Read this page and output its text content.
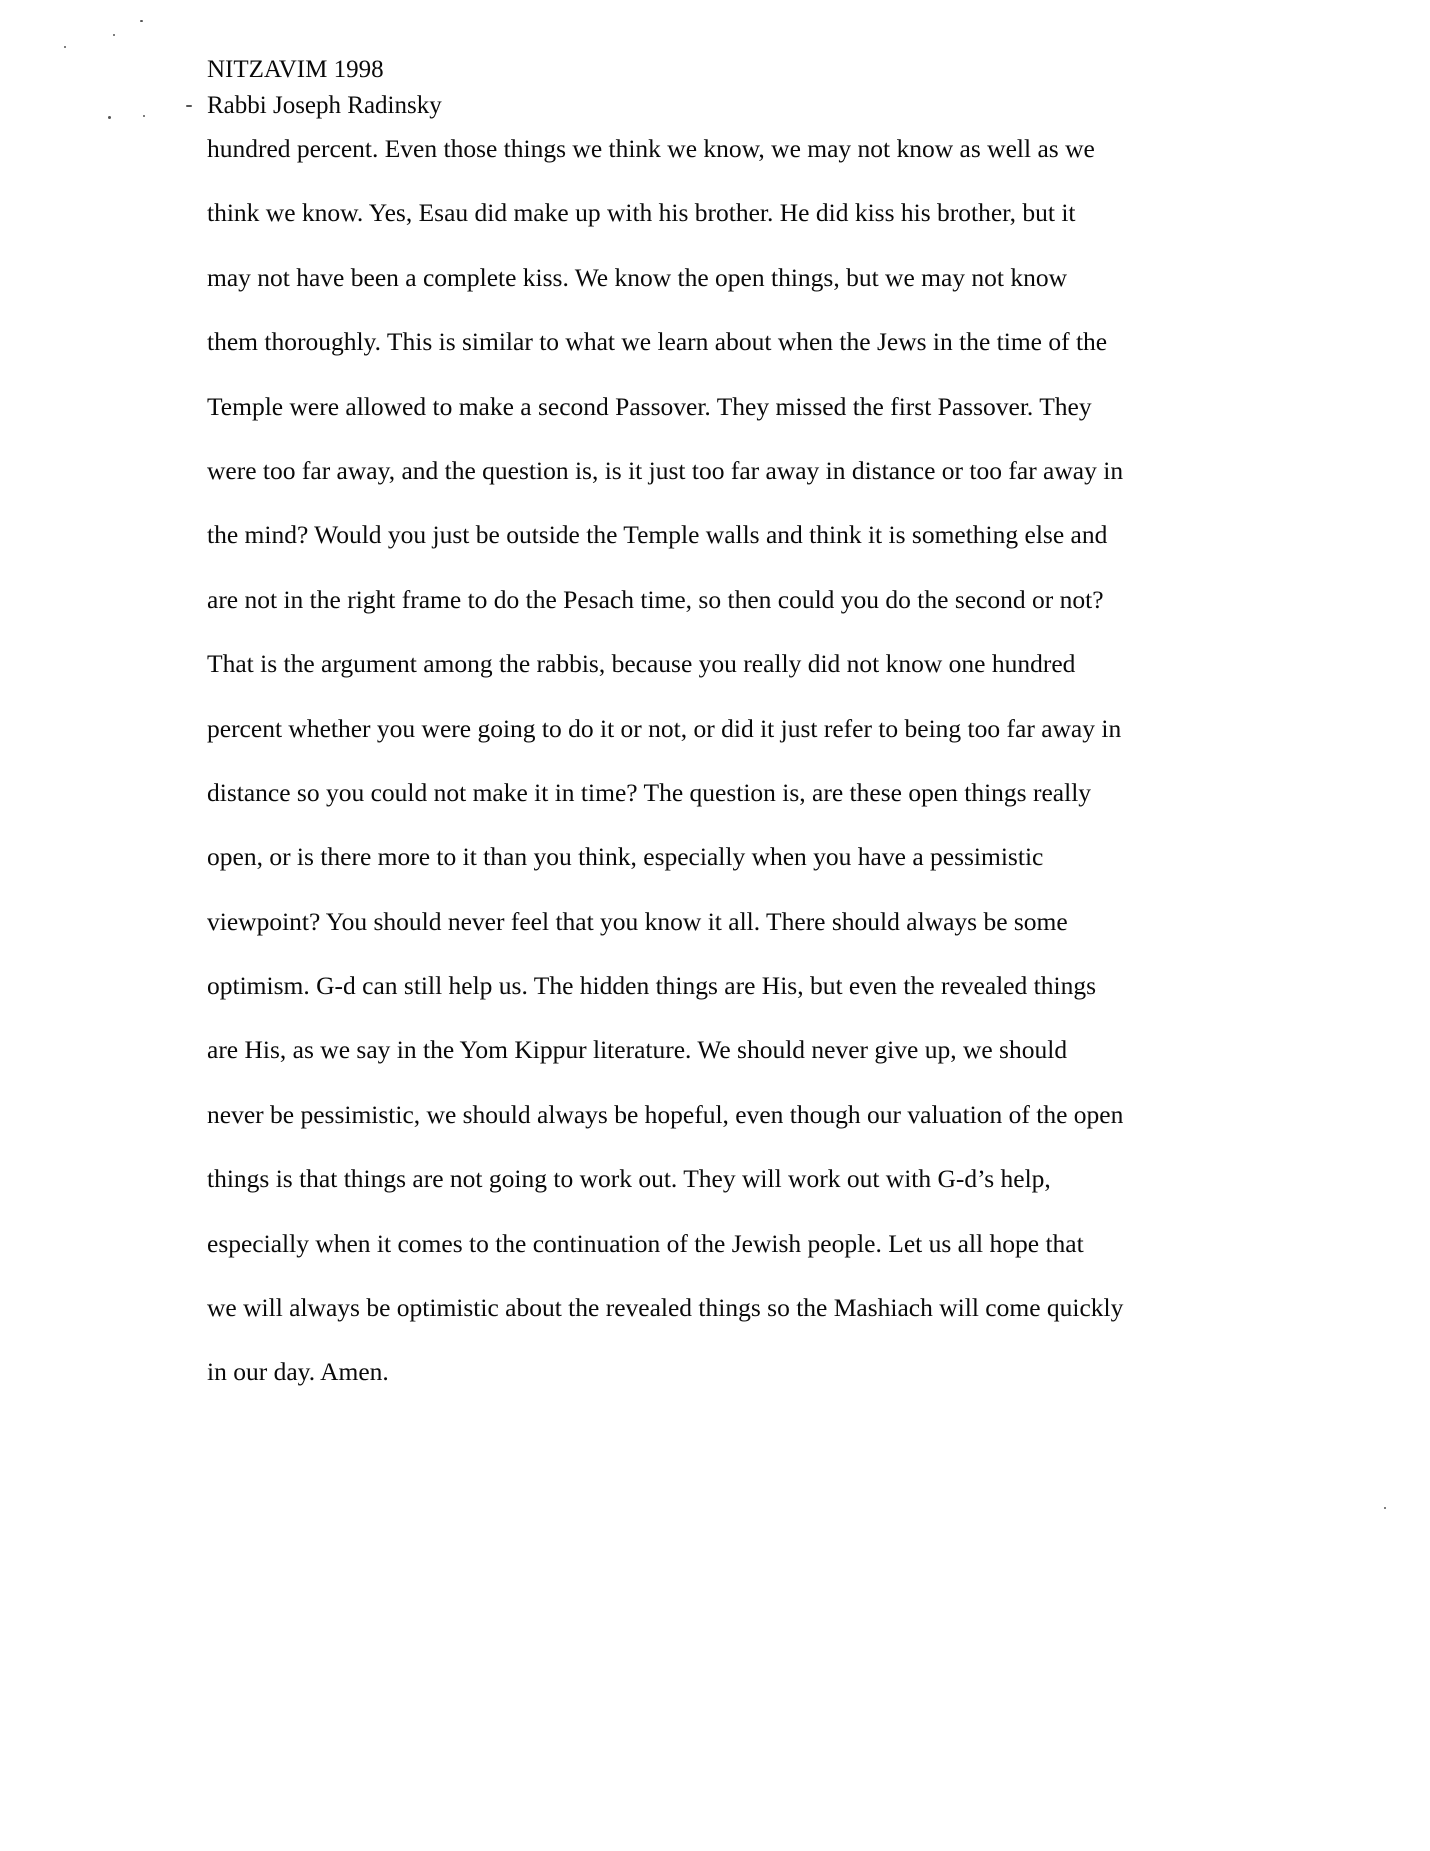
NITZAVIM 1998
Rabbi Joseph Radinsky
hundred percent. Even those things we think we know, we may not know as well as we
think we know. Yes, Esau did make up with his brother. He did kiss his brother, but it
may not have been a complete kiss. We know the open things, but we may not know
them thoroughly. This is similar to what we learn about when the Jews in the time of the
Temple were allowed to make a second Passover. They missed the first Passover. They
were too far away, and the question is, is it just too far away in distance or too far away in
the mind? Would you just be outside the Temple walls and think it is something else and
are not in the right frame to do the Pesach time, so then could you do the second or not?
That is the argument among the rabbis, because you really did not know one hundred
percent whether you were going to do it or not, or did it just refer to being too far away in
distance so you could not make it in time? The question is, are these open things really
open, or is there more to it than you think, especially when you have a pessimistic
viewpoint? You should never feel that you know it all. There should always be some
optimism. G-d can still help us. The hidden things are His, but even the revealed things
are His, as we say in the Yom Kippur literature. We should never give up, we should
never be pessimistic, we should always be hopeful, even though our valuation of the open
things is that things are not going to work out. They will work out with G-d’s help,
especially when it comes to the continuation of the Jewish people. Let us all hope that
we will always be optimistic about the revealed things so the Mashiach will come quickly
in our day. Amen.
